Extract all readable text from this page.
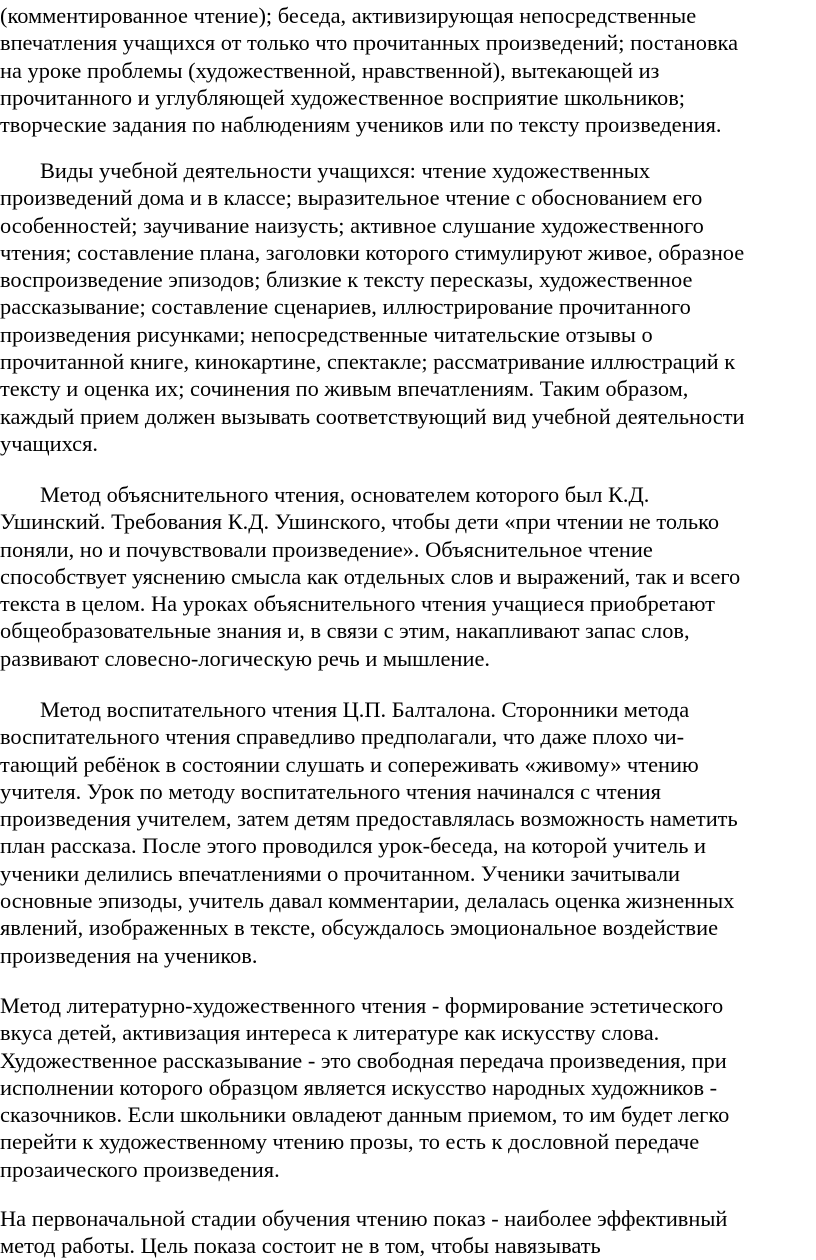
(комментированное чтение); беседа, активизирующая непосредственные
впечатления учащихся от только что прочитанных произведений; постановка
на уроке проблемы (художественной, нравственной), вытекающей из
прочитанного и углубляющей художественное восприятие школьников;
творческие задания по наблюдениям учеников или по тексту произведения.
Виды учебной деятельности учащихся: чтение художественных
произведений дома и в классе; выразительное чтение с обоснованием его
особенностей; заучивание наизусть; активное слушание художественного
чтения; составление плана, заголовки которого стимулируют живое, образное
воспроизведение эпизодов; близкие к тексту пересказы, художественное
рассказывание; составление сценариев, иллюстрирование прочитанного
произведения рисунками; непосредственные читательские отзывы о
прочитанной книге, кинокартине, спектакле; рассматривание иллюстраций к
тексту и оценка их; сочинения по живым впечатлениям. Таким образом,
каждый прием должен вызывать соответствующий вид учебной деятельности
учащихся.
Метод объяснительного чтения, основателем которого был К.Д.
Ушинский. Требования К.Д. Ушинского, чтобы дети «при чтении не только
поняли, но и почувствовали произведение». Объяснительное чтение
способствует уяснению смысла как отдельных слов и выражений, так и всего
текста в целом. На уроках объяснительного чтения учащиеся приобретают
общеобразовательные знания и, в связи с этим, накапливают запас слов,
развивают словесно-логическую речь и мышление.
Метод воспитательного чтения Ц.П. Балталона. Сторонники метода
воспитательного чтения справедливо предполагали, что даже плохо чи-
тающий ребёнок в состоянии слушать и сопереживать «живому» чтению
учителя. Урок по методу воспитательного чтения начинался с чтения
произведения учителем, затем детям предоставлялась возможность наметить
план рассказа. После этого проводился урок-беседа, на которой учитель и
ученики делились впечатлениями о прочитанном. Ученики зачитывали
основные эпизоды, учитель давал комментарии, делалась оценка жизненных
явлений, изображенных в тексте, обсуждалось эмоциональное воздействие
произведения на учеников.
Метод литературно-художественного чтения - формирование эстетического
вкуса детей, активизация интереса к литературе как искусству слова.
Художественное рассказывание - это свободная передача произведения, при
исполнении которого образцом является искусство народных художников -
сказочников. Если школьники овладеют данным приемом, то им будет легко
перейти к художественному чтению прозы, то есть к дословной передаче
прозаического произведения.
На первоначальной стадии обучения чтению показ - наиболее эффективный
метод работы. Цель показа состоит не в том, чтобы навязывать
